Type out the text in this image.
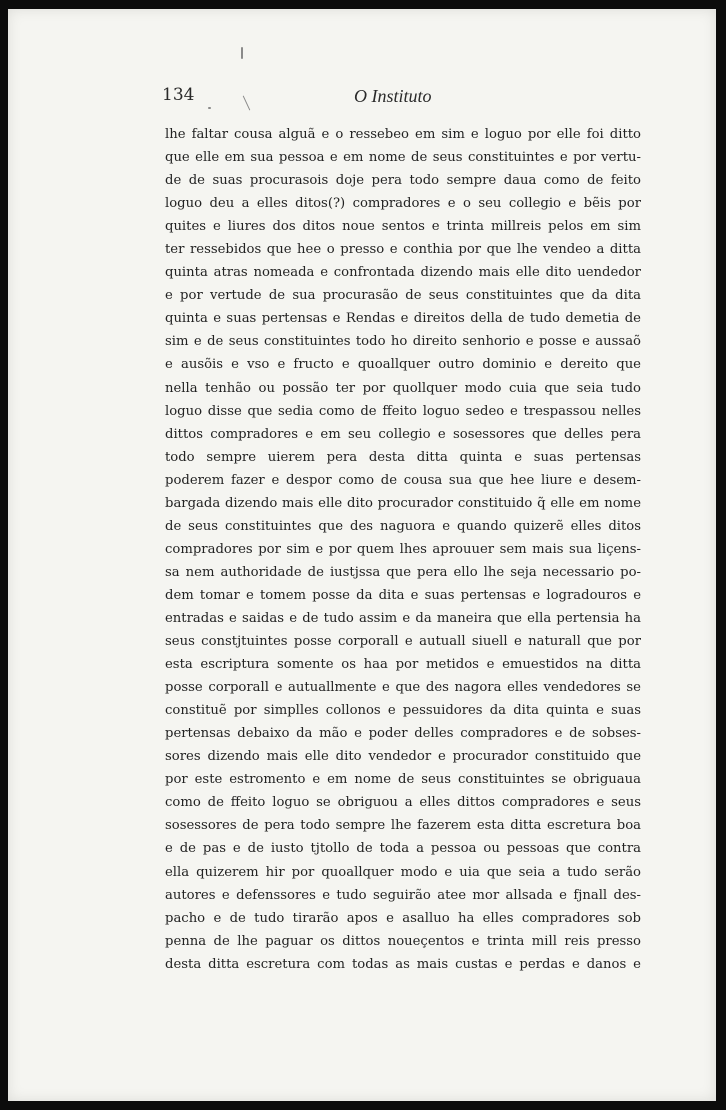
134	O Instituto
lhe faltar cousa alguã e o ressebeo em sim e loguo por elle foi ditto
que elle em sua pessoa e em nome de seus constituintes e por vertu-
de de suas procurasois doje pera todo sempre daua como de feito
loguo deu a elles ditos(?) compradores e o seu collegio e bẽis por
quites e liures dos ditos noue sentos e trinta millreis pelos em sim
ter ressebidos que hee o presso e conthia por que lhe vendeo a ditta
quinta atras nomeada e confrontada dizendo mais elle dito uendedor
e por vertude de sua procurasão de seus constituintes que da dita
quinta e suas pertensas e Rendas e direitos della de tudo demetia de
sim e de seus constituintes todo ho direito senhorio e posse e aussaõ
e ausõis e vso e fructo e quoallquer outro dominio e dereito que
nella tenhão ou possão ter por quollquer modo cuia que seia tudo
loguo disse que sedia como de ffeito loguo sedeo e trespassou nelles
dittos compradores e em seu collegio e sosessores que delles pera
todo sempre uierem pera desta ditta quinta e suas pertensas
poderem fazer e despor como de cousa sua que hee liure e desem-
bargada dizendo mais elle dito procurador constituido q̃ elle em nome
de seus constituintes que des naguora e quando quizerẽ elles ditos
compradores por sim e por quem lhes aprouuer sem mais sua liçens-
sa nem authoridade de iustjssa que pera ello lhe seja necessario po-
dem tomar e tomem posse da dita e suas pertensas e logradouros e
entradas e saidas e de tudo assim e da maneira que ella pertensia ha
seus constjtuintes posse corporall e autuall siuell e naturall que por
esta escriptura somente os haa por metidos e emuestidos na ditta
posse corporall e autuallmente e que des nagora elles vendedores se
constituẽ por simplles collonos e pessuidores da dita quinta e suas
pertensas debaixo da mão e poder delles compradores e de sobses-
sores dizendo mais elle dito vendedor e procurador constituido que
por este estromento e em nome de seus constituintes se obriguaua
como de ffeito loguo se obriguou a elles dittos compradores e seus
sosessores de pera todo sempre lhe fazerem esta ditta escretura boa
e de pas e de iusto tjtollo de toda a pessoa ou pessoas que contra
ella quizerem hir por quoallquer modo e uia que seia a tudo serão
autores e defenssores e tudo seguirão atee mor allsada e fjnall des-
pacho e de tudo tirarão apos e asalluo ha elles compradores sob
penna de lhe paguar os dittos noueçentos e trinta mill reis presso
desta ditta escretura com todas as mais custas e perdas e danos e
